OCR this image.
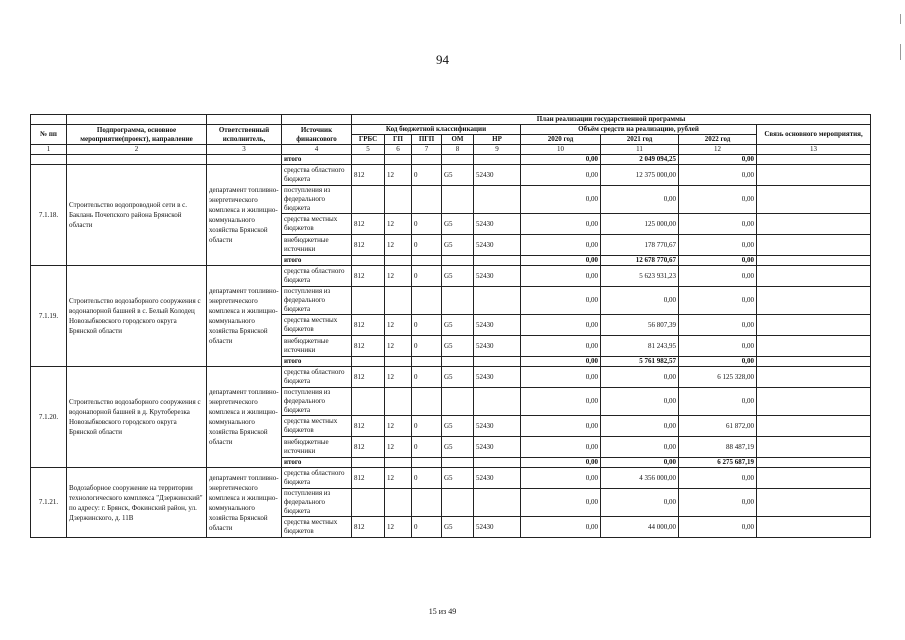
94
				План реализации государственной программы								
№ пп	Подпрограмма, основное мероприятие(проект), направление	Ответственный исполнитель,	Источник финансового	Код бюджетной классификации					Объём средств на реализацию, рублей			Связь основного мероприятия,
				ГРБС	ГП	ПГП	ОМ	НР	2020 год	2021 год	2022 год	
1	2	3	4	5	6	7	8	9	10	11	12	13
			итого						0,00	2 049 094,25	0,00	
7.1.18.	Строительство водопроводной сети в с. Баклань Почепского района Брянской области	департамент топливно-энергетического комплекса и жилищно-коммунального хозяйства Брянской области	средства областного бюджета	812	12	0	G5	52430	0,00	12 375 000,00	0,00	
			поступления из федерального бюджета						0,00	0,00	0,00	
			средства местных бюджетов	812	12	0	G5	52430	0,00	125 000,00	0,00	
			внебюджетные источники	812	12	0	G5	52430	0,00	178 770,67	0,00	
			итого						0,00	12 678 770,67	0,00	
7.1.19.	Строительство водозаборного сооружения с водонапорной башней в с. Белый Колодец Новозыбковского городского округа Брянской области	департамент топливно-энергетического комплекса и жилищно-коммунального хозяйства Брянской области	средства областного бюджета	812	12	0	G5	52430	0,00	5 623 931,23	0,00	
			поступления из федерального бюджета						0,00	0,00	0,00	
			средства местных бюджетов	812	12	0	G5	52430	0,00	56 807,39	0,00	
			внебюджетные источники	812	12	0	G5	52430	0,00	81 243,95	0,00	
			итого						0,00	5 761 982,57	0,00	
7.1.20.	Строительство водозаборного сооружения с водонапорной башней в д. Крутоберезка Новозыбковского городского округа Брянской области	департамент топливно-энергетического комплекса и жилищно-коммунального хозяйства Брянской области	средства областного бюджета	812	12	0	G5	52430	0,00	0,00	6 125 328,00	
			поступления из федерального бюджета						0,00	0,00	0,00	
			средства местных бюджетов	812	12	0	G5	52430	0,00	0,00	61 872,00	
			внебюджетные источники	812	12	0	G5	52430	0,00	0,00	88 487,19	
			итого						0,00	0,00	6 275 687,19	
7.1.21.	Водозаборное сооружение на территории технологического комплекса "Дзержинский" по адресу: г. Брянск, Фокинский район, ул. Дзержинского, д. 11В	департамент топливно-энергетического комплекса и жилищно-коммунального хозяйства Брянской области	средства областного бюджета	812	12	0	G5	52430	0,00	4 356 000,00	0,00	
			поступления из федерального бюджета						0,00	0,00	0,00	
			средства местных бюджетов	812	12	0	G5	52430	0,00	44 000,00	0,00	
15 из 49
